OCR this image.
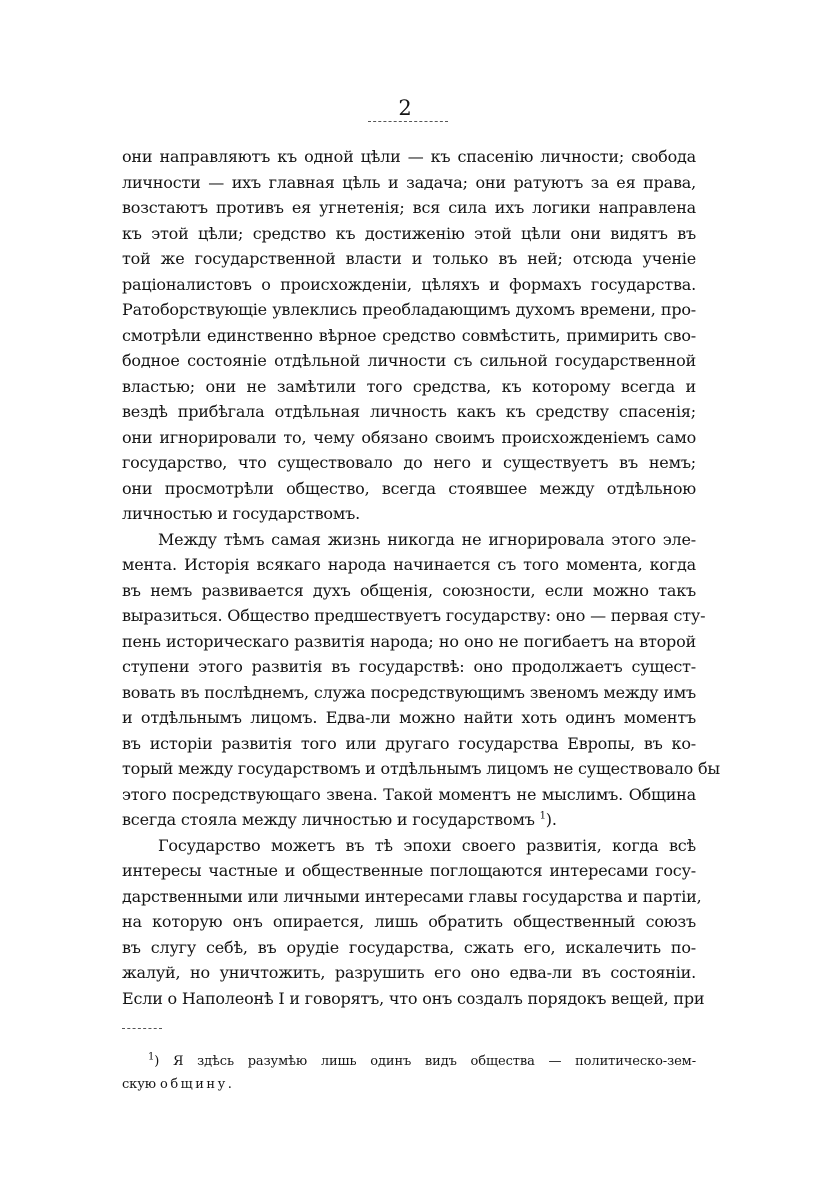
2
они направляютъ къ одной цѣли — къ спасенію личности; свобода
личности — ихъ главная цѣль и задача; они ратуютъ за ея права,
возстаютъ противъ ея угнетенія; вся сила ихъ логики направлена
къ этой цѣли; средство къ достиженію этой цѣли они видятъ въ
той же государственной власти и только въ ней; отсюда ученіе
раціоналистовъ о происхожденіи, цѣляхъ и формахъ государства.
Ратоборствующіе увлеклись преобладающимъ духомъ времени, про-
смотрѣли единственно вѣрное средство совмѣстить, примирить сво-
бодное состояніе отдѣльной личности съ сильной государственной
властью; они не замѣтили того средства, къ которому всегда и
вездѣ прибѣгала отдѣльная личность какъ къ средству спасенія;
они игнорировали то, чему обязано своимъ происхожденіемъ само
государство, что существовало до него и существуетъ въ немъ;
они просмотрѣли общество, всегда стоявшее между отдѣльною
личностью и государствомъ.
Между тѣмъ самая жизнь никогда не игнорировала этого эле-
мента. Исторія всякаго народа начинается съ того момента, когда
въ немъ развивается духъ общенія, союзности, если можно такъ
выразиться. Общество предшествуетъ государству: оно — первая сту-
пень историческаго развитія народа; но оно не погибаетъ на второй
ступени этого развитія въ государствѣ: оно продолжаетъ сущест-
вовать въ послѣднемъ, служа посредствующимъ звеномъ между имъ
и отдѣльнымъ лицомъ. Едва-ли можно найти хоть одинъ моментъ
въ исторіи развитія того или другаго государства Европы, въ ко-
торый между государствомъ и отдѣльнымъ лицомъ не существовало бы
этого посредствующаго звена. Такой моментъ не мыслимъ. Община
всегда стояла между личностью и государствомъ $^1$).
Государство можетъ въ тѣ эпохи своего развитія, когда всѣ
интересы частные и общественные поглощаются интересами госу-
дарственными или личными интересами главы государства и партіи,
на которую онъ опирается, лишь обратить общественный союзъ
въ слугу себѣ, въ орудіе государства, сжать его, искалечить по-
жалуй, но уничтожить, разрушить его оно едва-ли въ состояніи.
Если о Наполеонѣ I и говорятъ, что онъ создалъ порядокъ вещей, при
$^1$) Я здѣсь разумѣю лишь одинъ видъ общества — политическо-зем-
скую общину.
